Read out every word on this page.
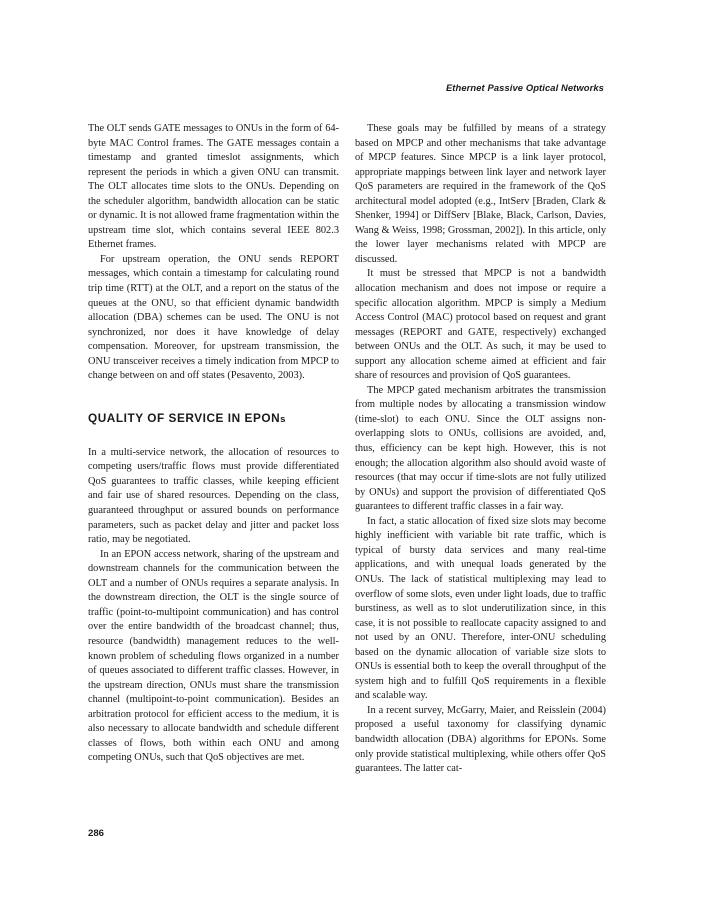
Ethernet Passive Optical Networks

The OLT sends GATE messages to ONUs in the form of 64-byte MAC Control frames. The GATE messages contain a timestamp and granted timeslot assignments, which represent the periods in which a given ONU can transmit. The OLT allocates time slots to the ONUs. Depending on the scheduler algorithm, bandwidth allocation can be static or dynamic. It is not allowed frame fragmentation within the upstream time slot, which contains several IEEE 802.3 Ethernet frames.

For upstream operation, the ONU sends REPORT messages, which contain a timestamp for calculating round trip time (RTT) at the OLT, and a report on the status of the queues at the ONU, so that efficient dynamic bandwidth allocation (DBA) schemes can be used. The ONU is not synchronized, nor does it have knowledge of delay compensation. Moreover, for upstream transmission, the ONU transceiver receives a timely indication from MPCP to change between on and off states (Pesavento, 2003).

QUALITY OF SERVICE IN EPONs

In a multi-service network, the allocation of resources to competing users/traffic flows must provide differentiated QoS guarantees to traffic classes, while keeping efficient and fair use of shared resources. Depending on the class, guaranteed throughput or assured bounds on performance parameters, such as packet delay and jitter and packet loss ratio, may be negotiated.

In an EPON access network, sharing of the upstream and downstream channels for the communication between the OLT and a number of ONUs requires a separate analysis. In the downstream direction, the OLT is the single source of traffic (point-to-multipoint communication) and has control over the entire bandwidth of the broadcast channel; thus, resource (bandwidth) management reduces to the well-known problem of scheduling flows organized in a number of queues associated to different traffic classes. However, in the upstream direction, ONUs must share the transmission channel (multipoint-to-point communication). Besides an arbitration protocol for efficient access to the medium, it is also necessary to allocate bandwidth and schedule different classes of flows, both within each ONU and among competing ONUs, such that QoS objectives are met.

These goals may be fulfilled by means of a strategy based on MPCP and other mechanisms that take advantage of MPCP features. Since MPCP is a link layer protocol, appropriate mappings between link layer and network layer QoS parameters are required in the framework of the QoS architectural model adopted (e.g., IntServ [Braden, Clark & Shenker, 1994] or DiffServ [Blake, Black, Carlson, Davies, Wang & Weiss, 1998; Grossman, 2002]). In this article, only the lower layer mechanisms related with MPCP are discussed.

It must be stressed that MPCP is not a bandwidth allocation mechanism and does not impose or require a specific allocation algorithm. MPCP is simply a Medium Access Control (MAC) protocol based on request and grant messages (REPORT and GATE, respectively) exchanged between ONUs and the OLT. As such, it may be used to support any allocation scheme aimed at efficient and fair share of resources and provision of QoS guarantees.

The MPCP gated mechanism arbitrates the transmission from multiple nodes by allocating a transmission window (time-slot) to each ONU. Since the OLT assigns non-overlapping slots to ONUs, collisions are avoided, and, thus, efficiency can be kept high. However, this is not enough; the allocation algorithm also should avoid waste of resources (that may occur if time-slots are not fully utilized by ONUs) and support the provision of differentiated QoS guarantees to different traffic classes in a fair way.

In fact, a static allocation of fixed size slots may become highly inefficient with variable bit rate traffic, which is typical of bursty data services and many real-time applications, and with unequal loads generated by the ONUs. The lack of statistical multiplexing may lead to overflow of some slots, even under light loads, due to traffic burstiness, as well as to slot underutilization since, in this case, it is not possible to reallocate capacity assigned to and not used by an ONU. Therefore, inter-ONU scheduling based on the dynamic allocation of variable size slots to ONUs is essential both to keep the overall throughput of the system high and to fulfill QoS requirements in a flexible and scalable way.

In a recent survey, McGarry, Maier, and Reisslein (2004) proposed a useful taxonomy for classifying dynamic bandwidth allocation (DBA) algorithms for EPONs. Some only provide statistical multiplexing, while others offer QoS guarantees. The latter cat-

286
